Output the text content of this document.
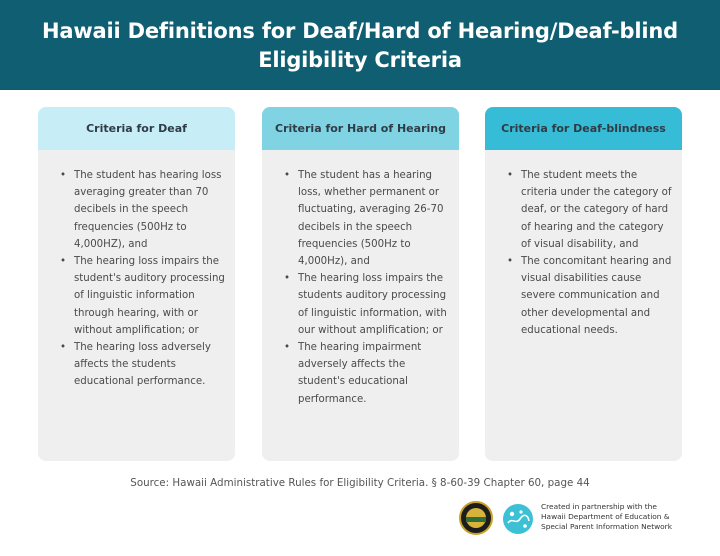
Hawaii Definitions for Deaf/Hard of Hearing/Deaf-blind
Eligibility Criteria
Criteria for Deaf
• The student has hearing loss averaging greater than 70 decibels in the speech frequencies (500Hz to 4,000HZ), and
• The hearing loss impairs the student's auditory processing of linguistic information through hearing, with or without amplification; or
• The hearing loss adversely affects the students educational performance.
Criteria for Hard of Hearing
• The student has a hearing loss, whether permanent or fluctuating, averaging 26-70 decibels in the speech frequencies (500Hz to 4,000Hz), and
• The hearing loss impairs the students auditory processing of linguistic information, with our without amplification; or
• The hearing impairment adversely affects the student's educational performance.
Criteria for Deaf-blindness
• The student meets the criteria under the category of deaf, or the category of hard of hearing and the category of visual disability, and
• The concomitant hearing and visual disabilities cause severe communication and other developmental and educational needs.
Source: Hawaii Administrative Rules for Eligibility Criteria. § 8-60-39 Chapter 60, page 44
Created in partnership with the
Hawaii Department of Education &
Special Parent Information Network
